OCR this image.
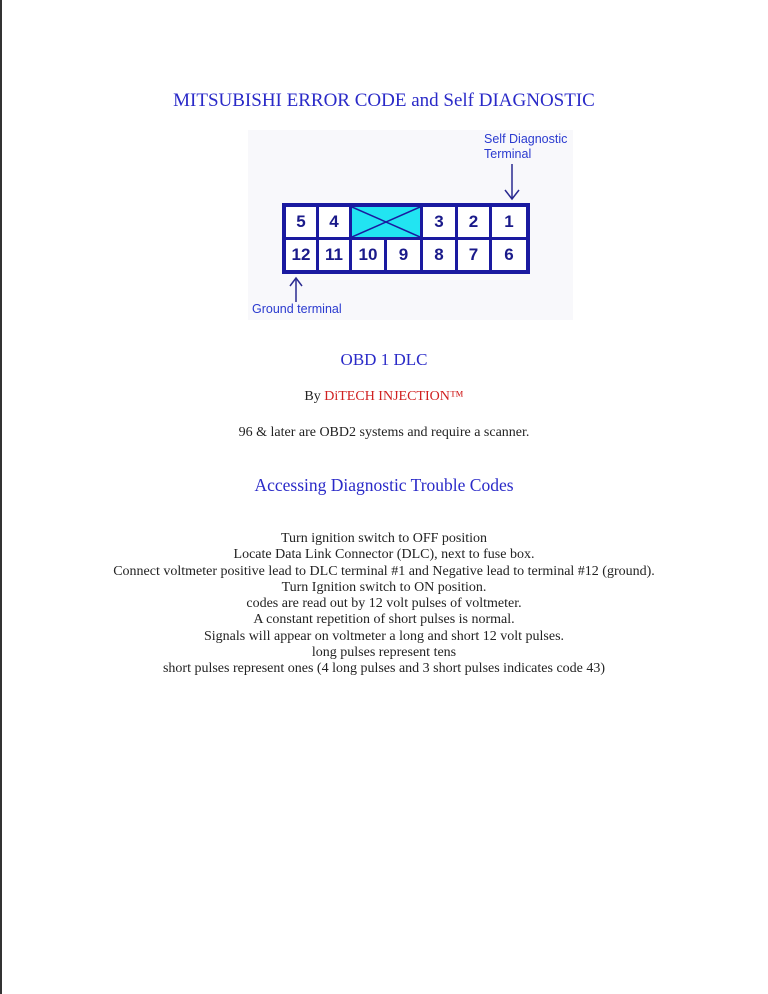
MITSUBISHI ERROR CODE and Self DIAGNOSTIC
Self Diagnostic
Terminal
5	4	3	2	1
12 11 10	9	8	7	6
Ground terminal
OBD 1 DLC
By DiTECH INJECTION™
96 & later are OBD2 systems and require a scanner.
Accessing Diagnostic Trouble Codes
Turn ignition switch to OFF position
Locate Data Link Connector (DLC), next to fuse box.
Connect voltmeter positive lead to DLC terminal #1 and Negative lead to terminal #12 (ground).
Turn Ignition switch to ON position.
codes are read out by 12 volt pulses of voltmeter.
A constant repetition of short pulses is normal.
Signals will appear on voltmeter a long and short 12 volt pulses.
long pulses represent tens
short pulses represent ones (4 long pulses and 3 short pulses indicates code 43)
